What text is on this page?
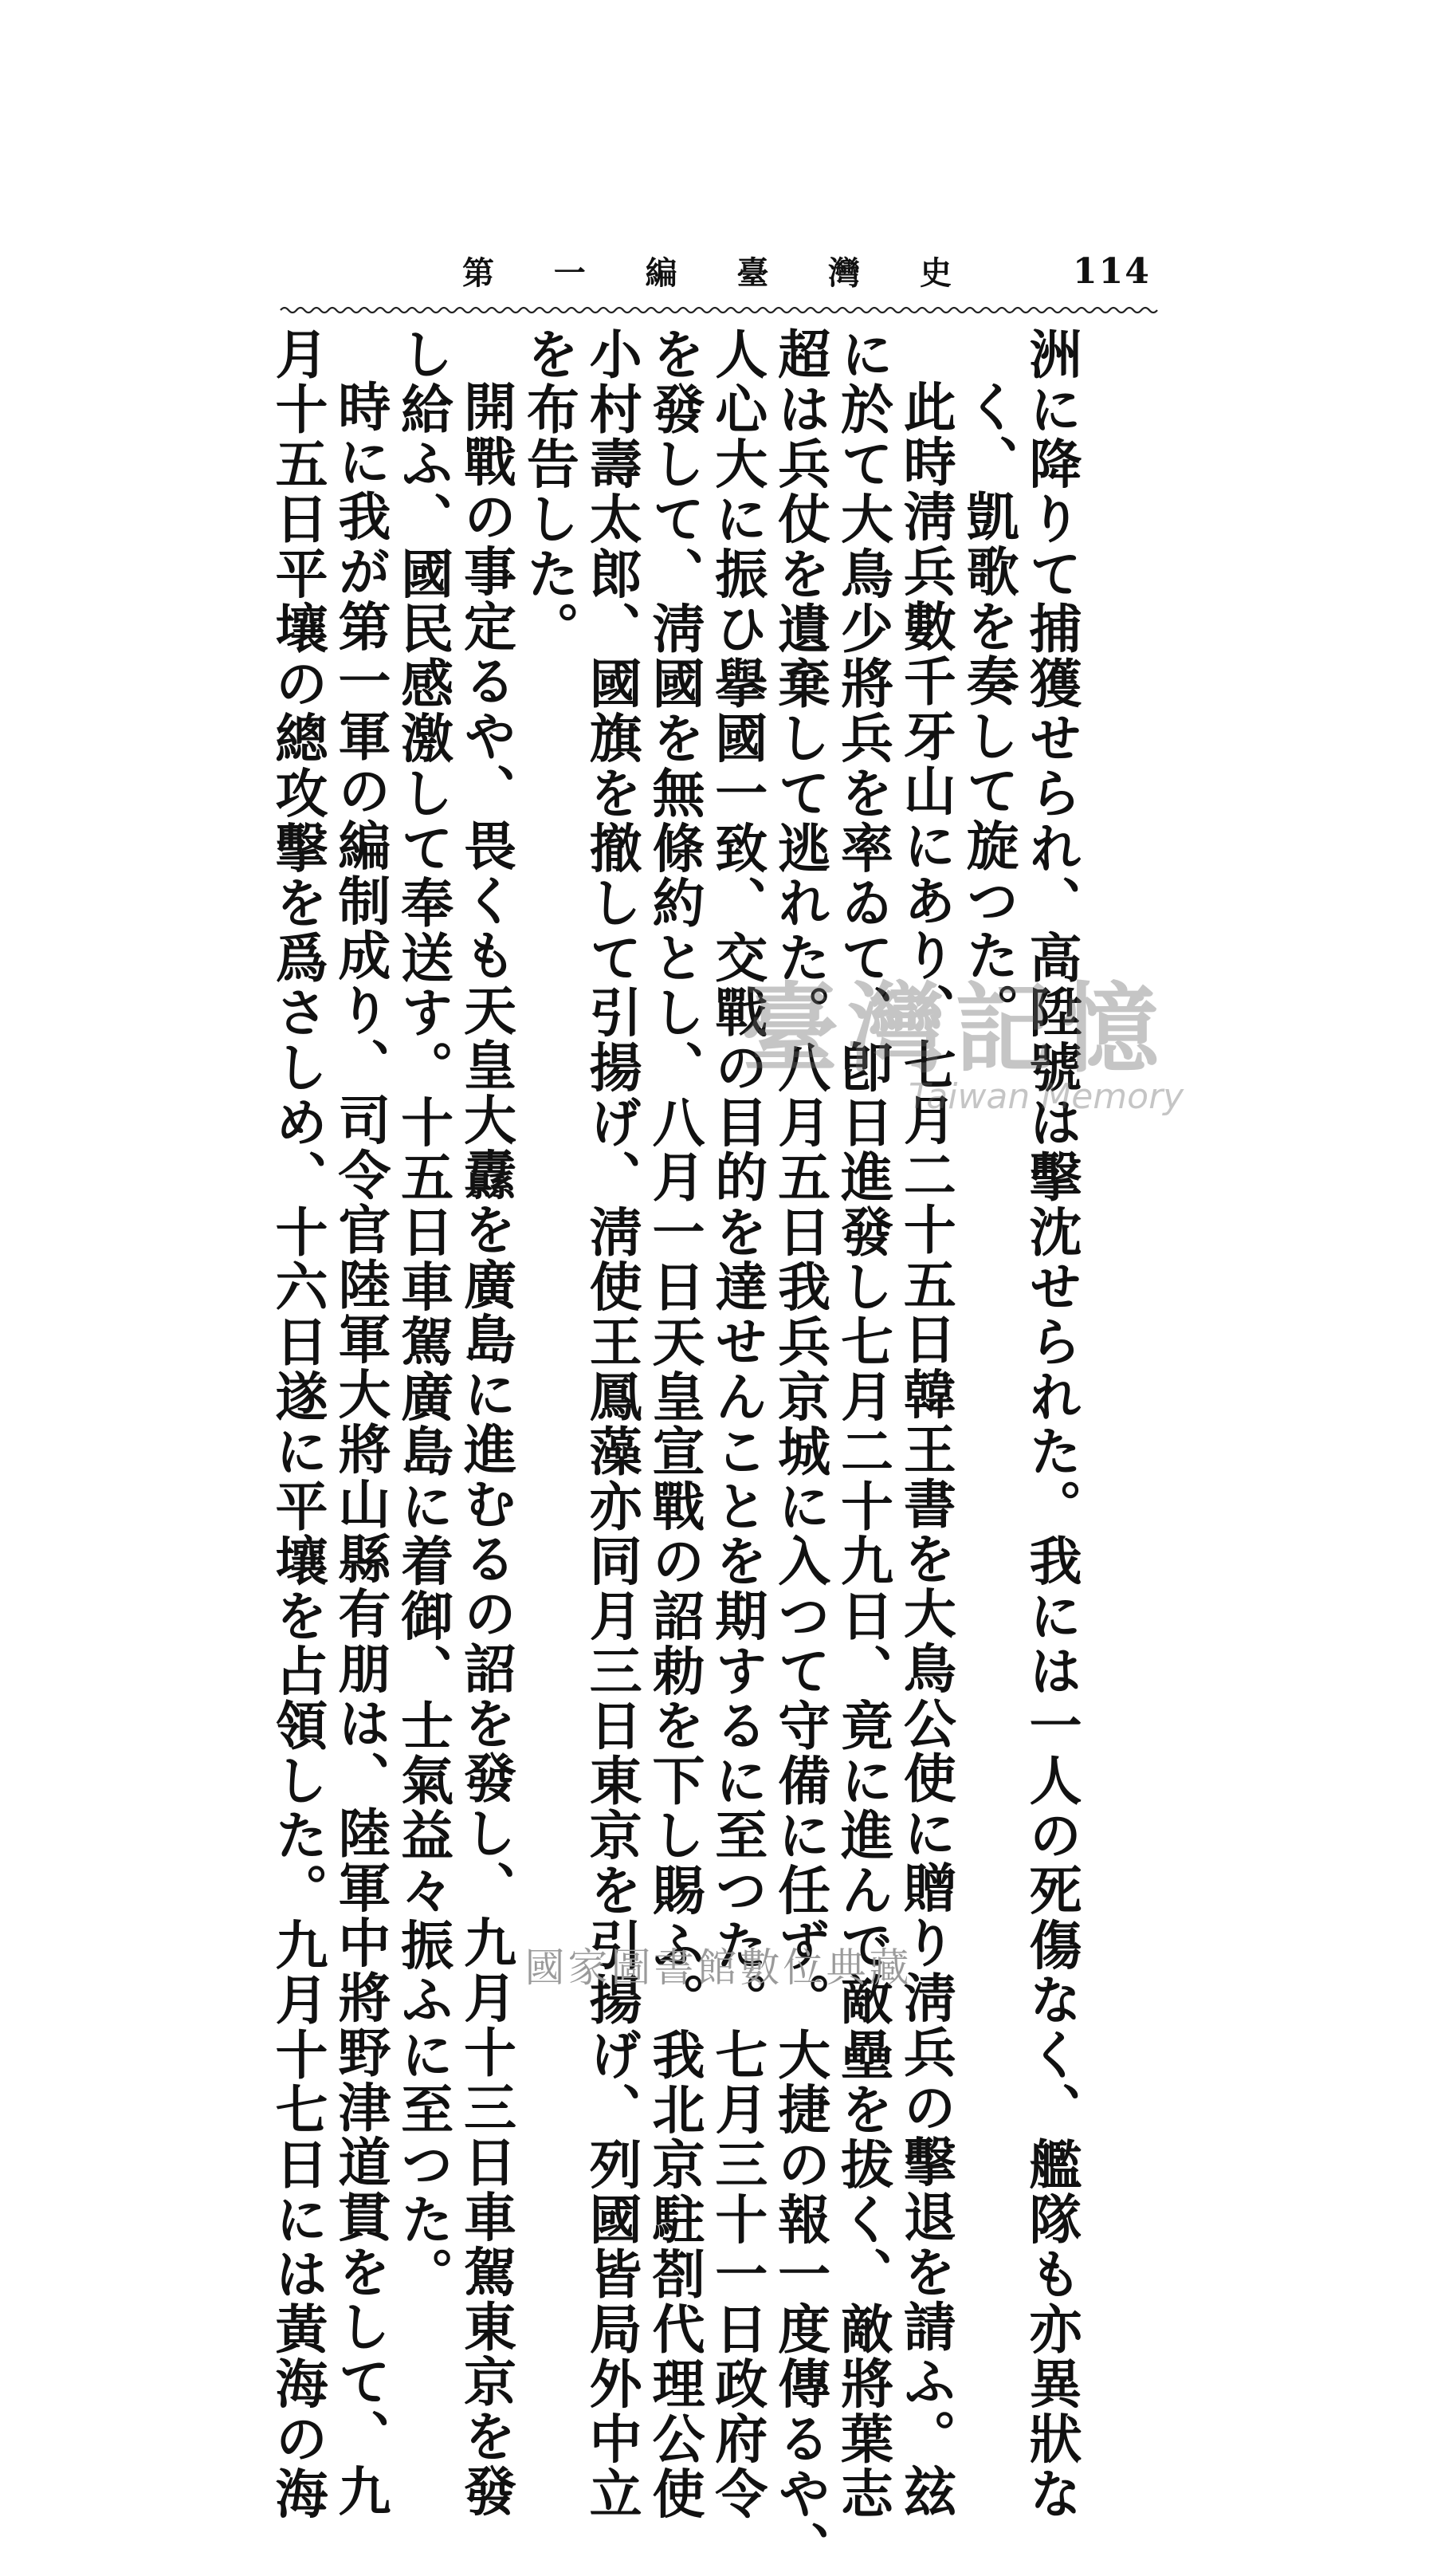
114
第一編臺灣史
洲に降りて捕獲せられ、高陞號は擊沈せられた。我には一人の死傷なく、艦隊も亦異狀な
く、凱歌を奏して旋つた。
此時淸兵數千牙山にあり、七月二十五日韓王書を大鳥公使に贈り淸兵の擊退を請ふ。玆
に於て大鳥少將兵を率ゐて、卽日進發し七月二十九日、竟に進んで敵壘を拔く、敵將葉志
超は兵仗を遺棄して逃れた。八月五日我兵京城に入つて守備に任ず。大捷の報一度傳るや、
人心大に振ひ擧國一致、交戰の目的を達せんことを期するに至つた。七月三十一日政府令
を發して、淸國を無條約とし、八月一日天皇宣戰の詔勅を下し賜ふ。我北京駐剳代理公使
小村壽太郎、國旗を撤して引揚げ、淸使王鳳藻亦同月三日東京を引揚げ、列國皆局外中立
を布告した。
開戰の事定るや、畏くも天皇大纛を廣島に進むるの詔を發し、九月十三日車駕東京を發
し給ふ、國民感激して奉送す。十五日車駕廣島に着御、士氣益々振ふに至つた。
時に我が第一軍の編制成り、司令官陸軍大將山縣有朋は、陸軍中將野津道貫をして、九
月十五日平壤の總攻擊を爲さしめ、十六日遂に平壤を占領した。九月十七日には黃海の海	臺灣記憶
Taiwan Memory
國家圖書館數位典藏
